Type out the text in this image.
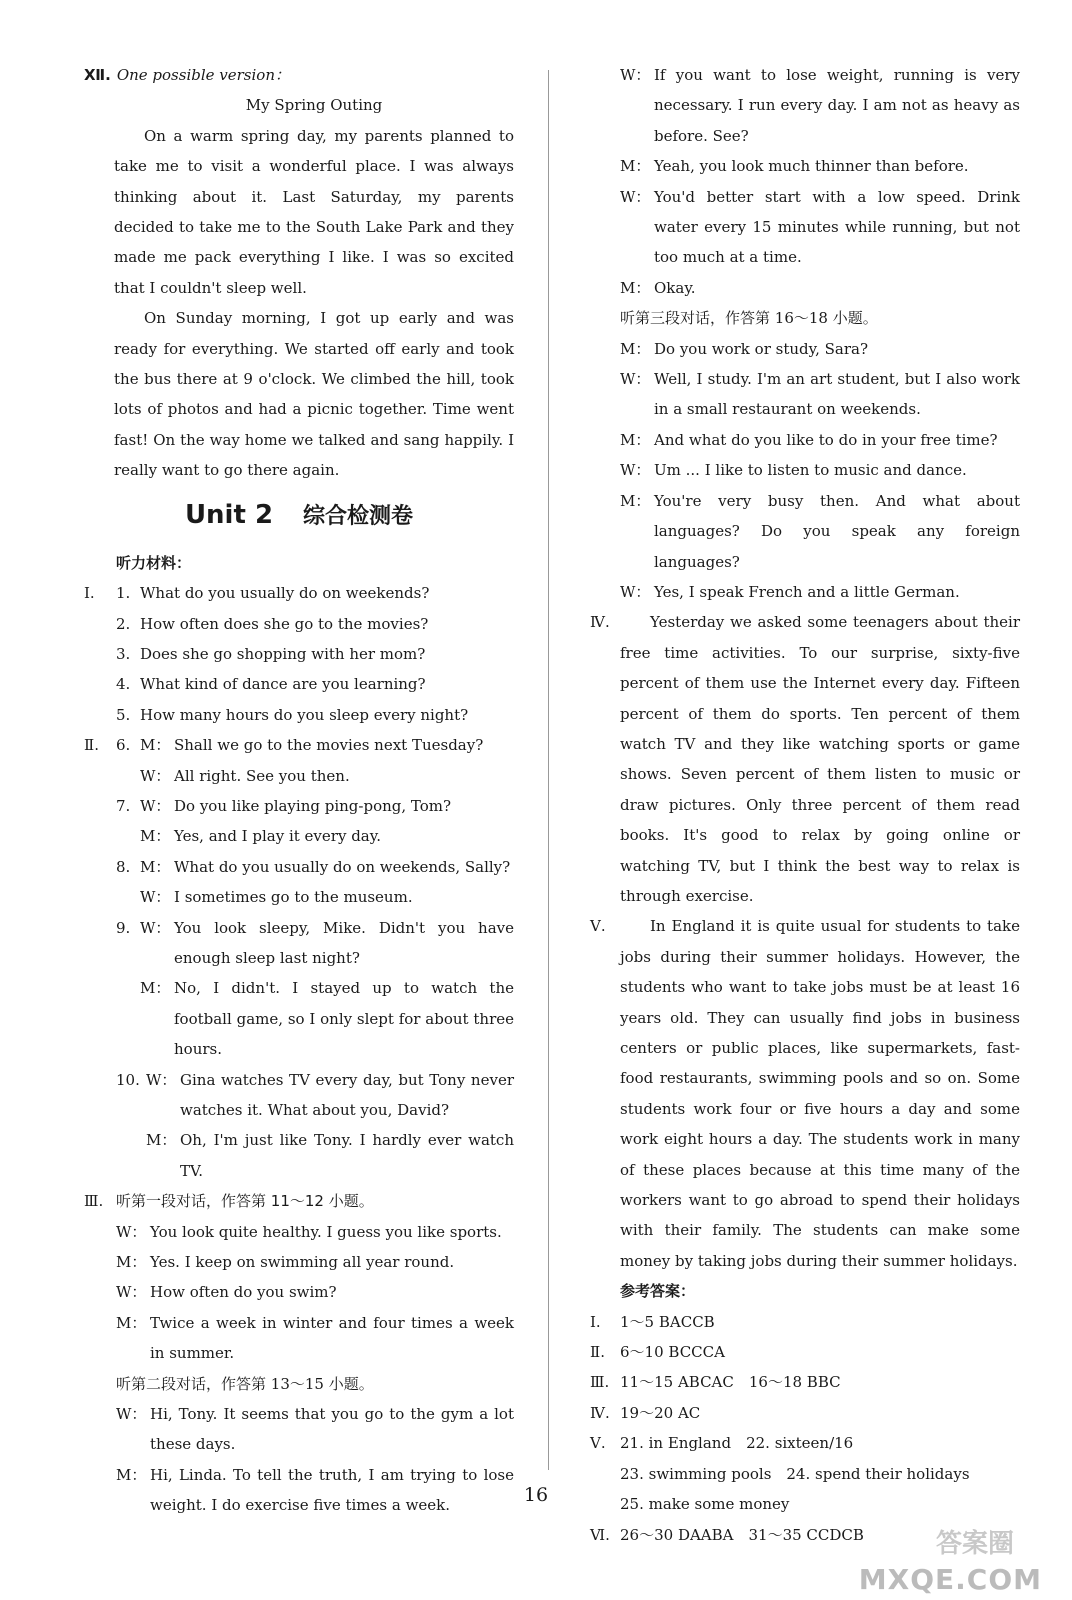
Ⅻ. One possible version：

My Spring Outing

On a warm spring day, my parents planned to take me to visit a wonderful place. I was always thinking about it. Last Saturday, my parents decided to take me to the South Lake Park and they made me pack everything I like. I was so excited that I couldn't sleep well.

On Sunday morning, I got up early and was ready for everything. We started off early and took the bus there at 9 o'clock. We climbed the hill, took lots of photos and had a picnic together. Time went fast! On the way home we talked and sang happily. I really want to go there again.

Unit 2 综合检测卷
听力材料：
Ⅰ.	1. What do you usually do on weekends?
2. How often does she go to the movies?
3. Does she go shopping with her mom?
4. What kind of dance are you learning?
5. How many hours do you sleep every night?
Ⅱ.	6. M： Shall we go to the movies next Tuesday?
W： All right. See you then.
7. W： Do you like playing ping-pong, Tom?
M： Yes, and I play it every day.
8. M： What do you usually do on weekends, Sally?
W： I sometimes go to the museum.
9. W： You look sleepy, Mike. Didn't you have enough sleep last night?
M： No, I didn't. I stayed up to watch the football game, so I only slept for about three hours.
10. W： Gina watches TV every day, but Tony never watches it. What about you, David?
M： Oh, I'm just like Tony. I hardly ever watch TV.
Ⅲ. 听第一段对话，作答第 11～12 小题。
W： You look quite healthy. I guess you like sports.
M： Yes. I keep on swimming all year round.
W： How often do you swim?
M： Twice a week in winter and four times a week in summer.
听第二段对话，作答第 13～15 小题。
W： Hi, Tony. It seems that you go to the gym a lot these days.
M： Hi, Linda. To tell the truth, I am trying to lose weight. I do exercise five times a week.
W： If you want to lose weight, running is very necessary. I run every day. I am not as heavy as before. See?
M： Yeah, you look much thinner than before.
W： You'd better start with a low speed. Drink water every 15 minutes while running, but not too much at a time.
M： Okay.
听第三段对话，作答第 16～18 小题。
M： Do you work or study, Sara?
W： Well, I study. I'm an art student, but I also work in a small restaurant on weekends.
M： And what do you like to do in your free time?
W： Um ... I like to listen to music and dance.
M： You're very busy then. And what about languages? Do you speak any foreign languages?
W： Yes, I speak French and a little German.
Ⅳ.	Yesterday we asked some teenagers about their free time activities. To our surprise, sixty-five percent of them use the Internet every day. Fifteen percent of them do sports. Ten percent of them watch TV and they like watching sports or game shows. Seven percent of them listen to music or draw pictures. Only three percent of them read books. It's good to relax by going online or watching TV, but I think the best way to relax is through exercise.

Ⅴ.	In England it is quite usual for students to take jobs during their summer holidays. However, the students who want to take jobs must be at least 16 years old. They can usually find jobs in business centers or public places, like supermarkets, fast-food restaurants, swimming pools and so on. Some students work four or five hours a day and some work eight hours a day. The students work in many of these places because at this time many of the workers want to go abroad to spend their holidays with their family. The students can make some money by taking jobs during their summer holidays.

参考答案：
Ⅰ.	1～5 BACCB
Ⅱ.	6～10 BCCCA
Ⅲ. 11～15 ABCAC　16～18 BBC
Ⅳ. 19～20 AC
Ⅴ. 21. in England　22. sixteen/16
23. swimming pools　24. spend their holidays
25. make some money
Ⅵ. 26～30 DAABA　31～35 CCDCB
16
答案圈
MXQE.COM
